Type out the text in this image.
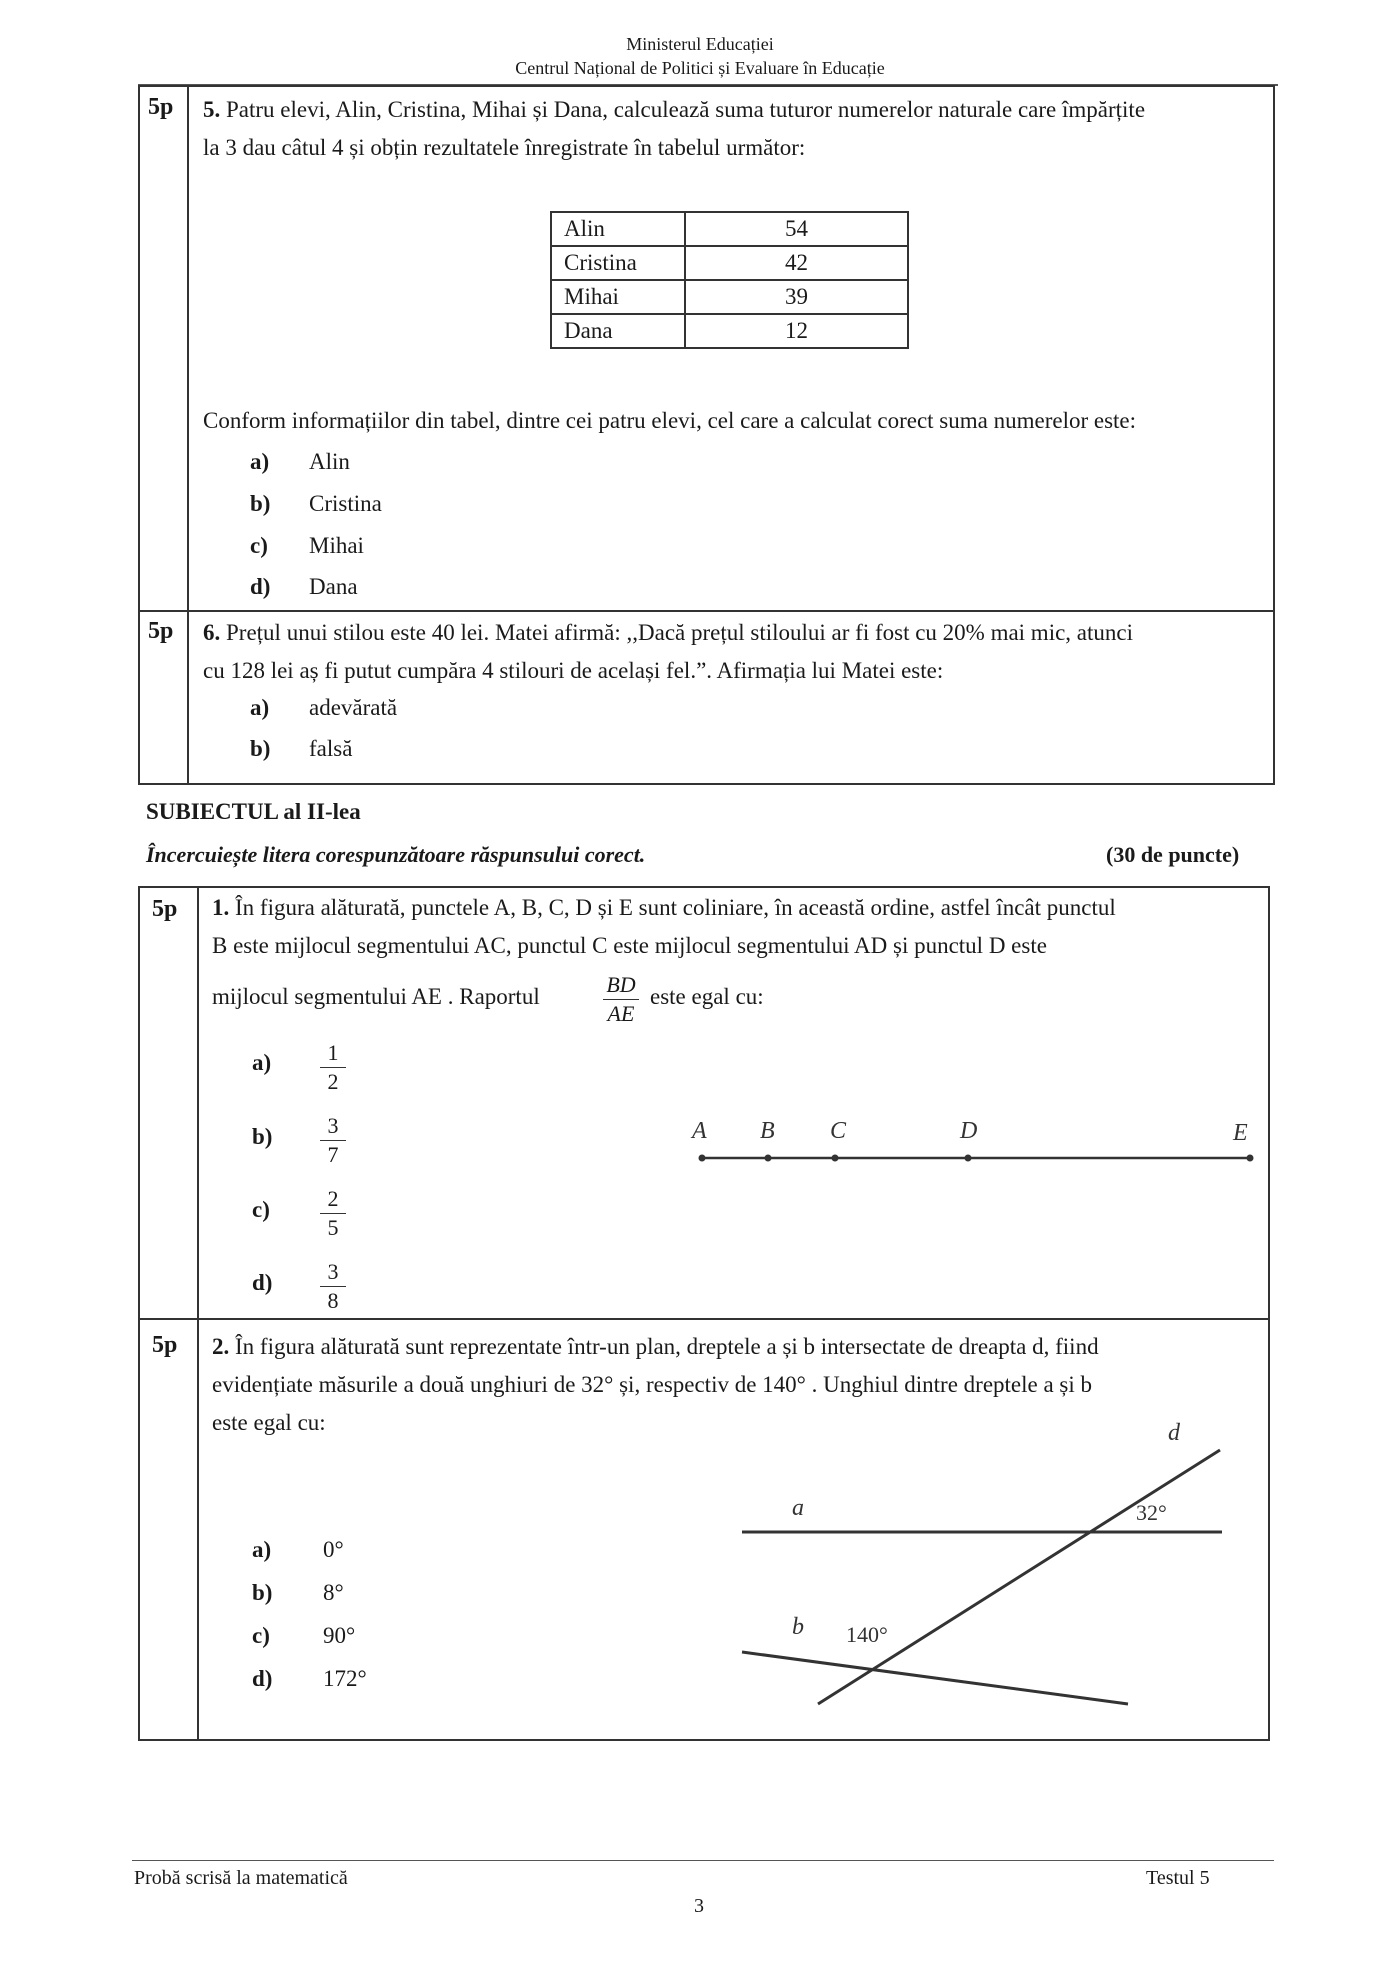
Ministerul Educației
Centrul Național de Politici și Evaluare în Educație
5p 5. Patru elevi, Alin, Cristina, Mihai și Dana, calculează suma tuturor numerelor naturale care împărțite
la 3 dau câtul 4 și obțin rezultatele înregistrate în tabelul următor:
Alin	54
Cristina	42
Mihai	39
Dana	12
Conform informațiilor din tabel, dintre cei patru elevi, cel care a calculat corect suma numerelor este:
a) Alin
b) Cristina
c) Mihai
d) Dana
5p 6. Prețul unui stilou este 40 lei. Matei afirmă: ,,Dacă prețul stiloului ar fi fost cu 20% mai mic, atunci
cu 128 lei aș fi putut cumpăra 4 stilouri de același fel.”. Afirmația lui Matei este:
a) adevărată
b) falsă
SUBIECTUL al II-lea
Încercuiește litera corespunzătoare răspunsului corect.	(30 de puncte)
5p 1. În figura alăturată, punctele A, B, C, D și E sunt coliniare, în această ordine, astfel încât punctul
B este mijlocul segmentului AC, punctul C este mijlocul segmentului AD și punctul D este
mijlocul segmentului AE . Raportul	BD
AE
este egal cu:
a)	1
2
b)	3
7
c)	2
5
d)	3
8
A B C	D	E
5p 2. În figura alăturată sunt reprezentate într-un plan, dreptele a și b intersectate de dreapta d, fiind
evidențiate măsurile a două unghiuri de 32° și, respectiv de 140° . Unghiul dintre dreptele a și b
este egal cu:
a) 0°
b) 8°
c) 90°
d) 172°
d
a
b
32°
140°
Probă scrisă la matematică	Testul 5
3
